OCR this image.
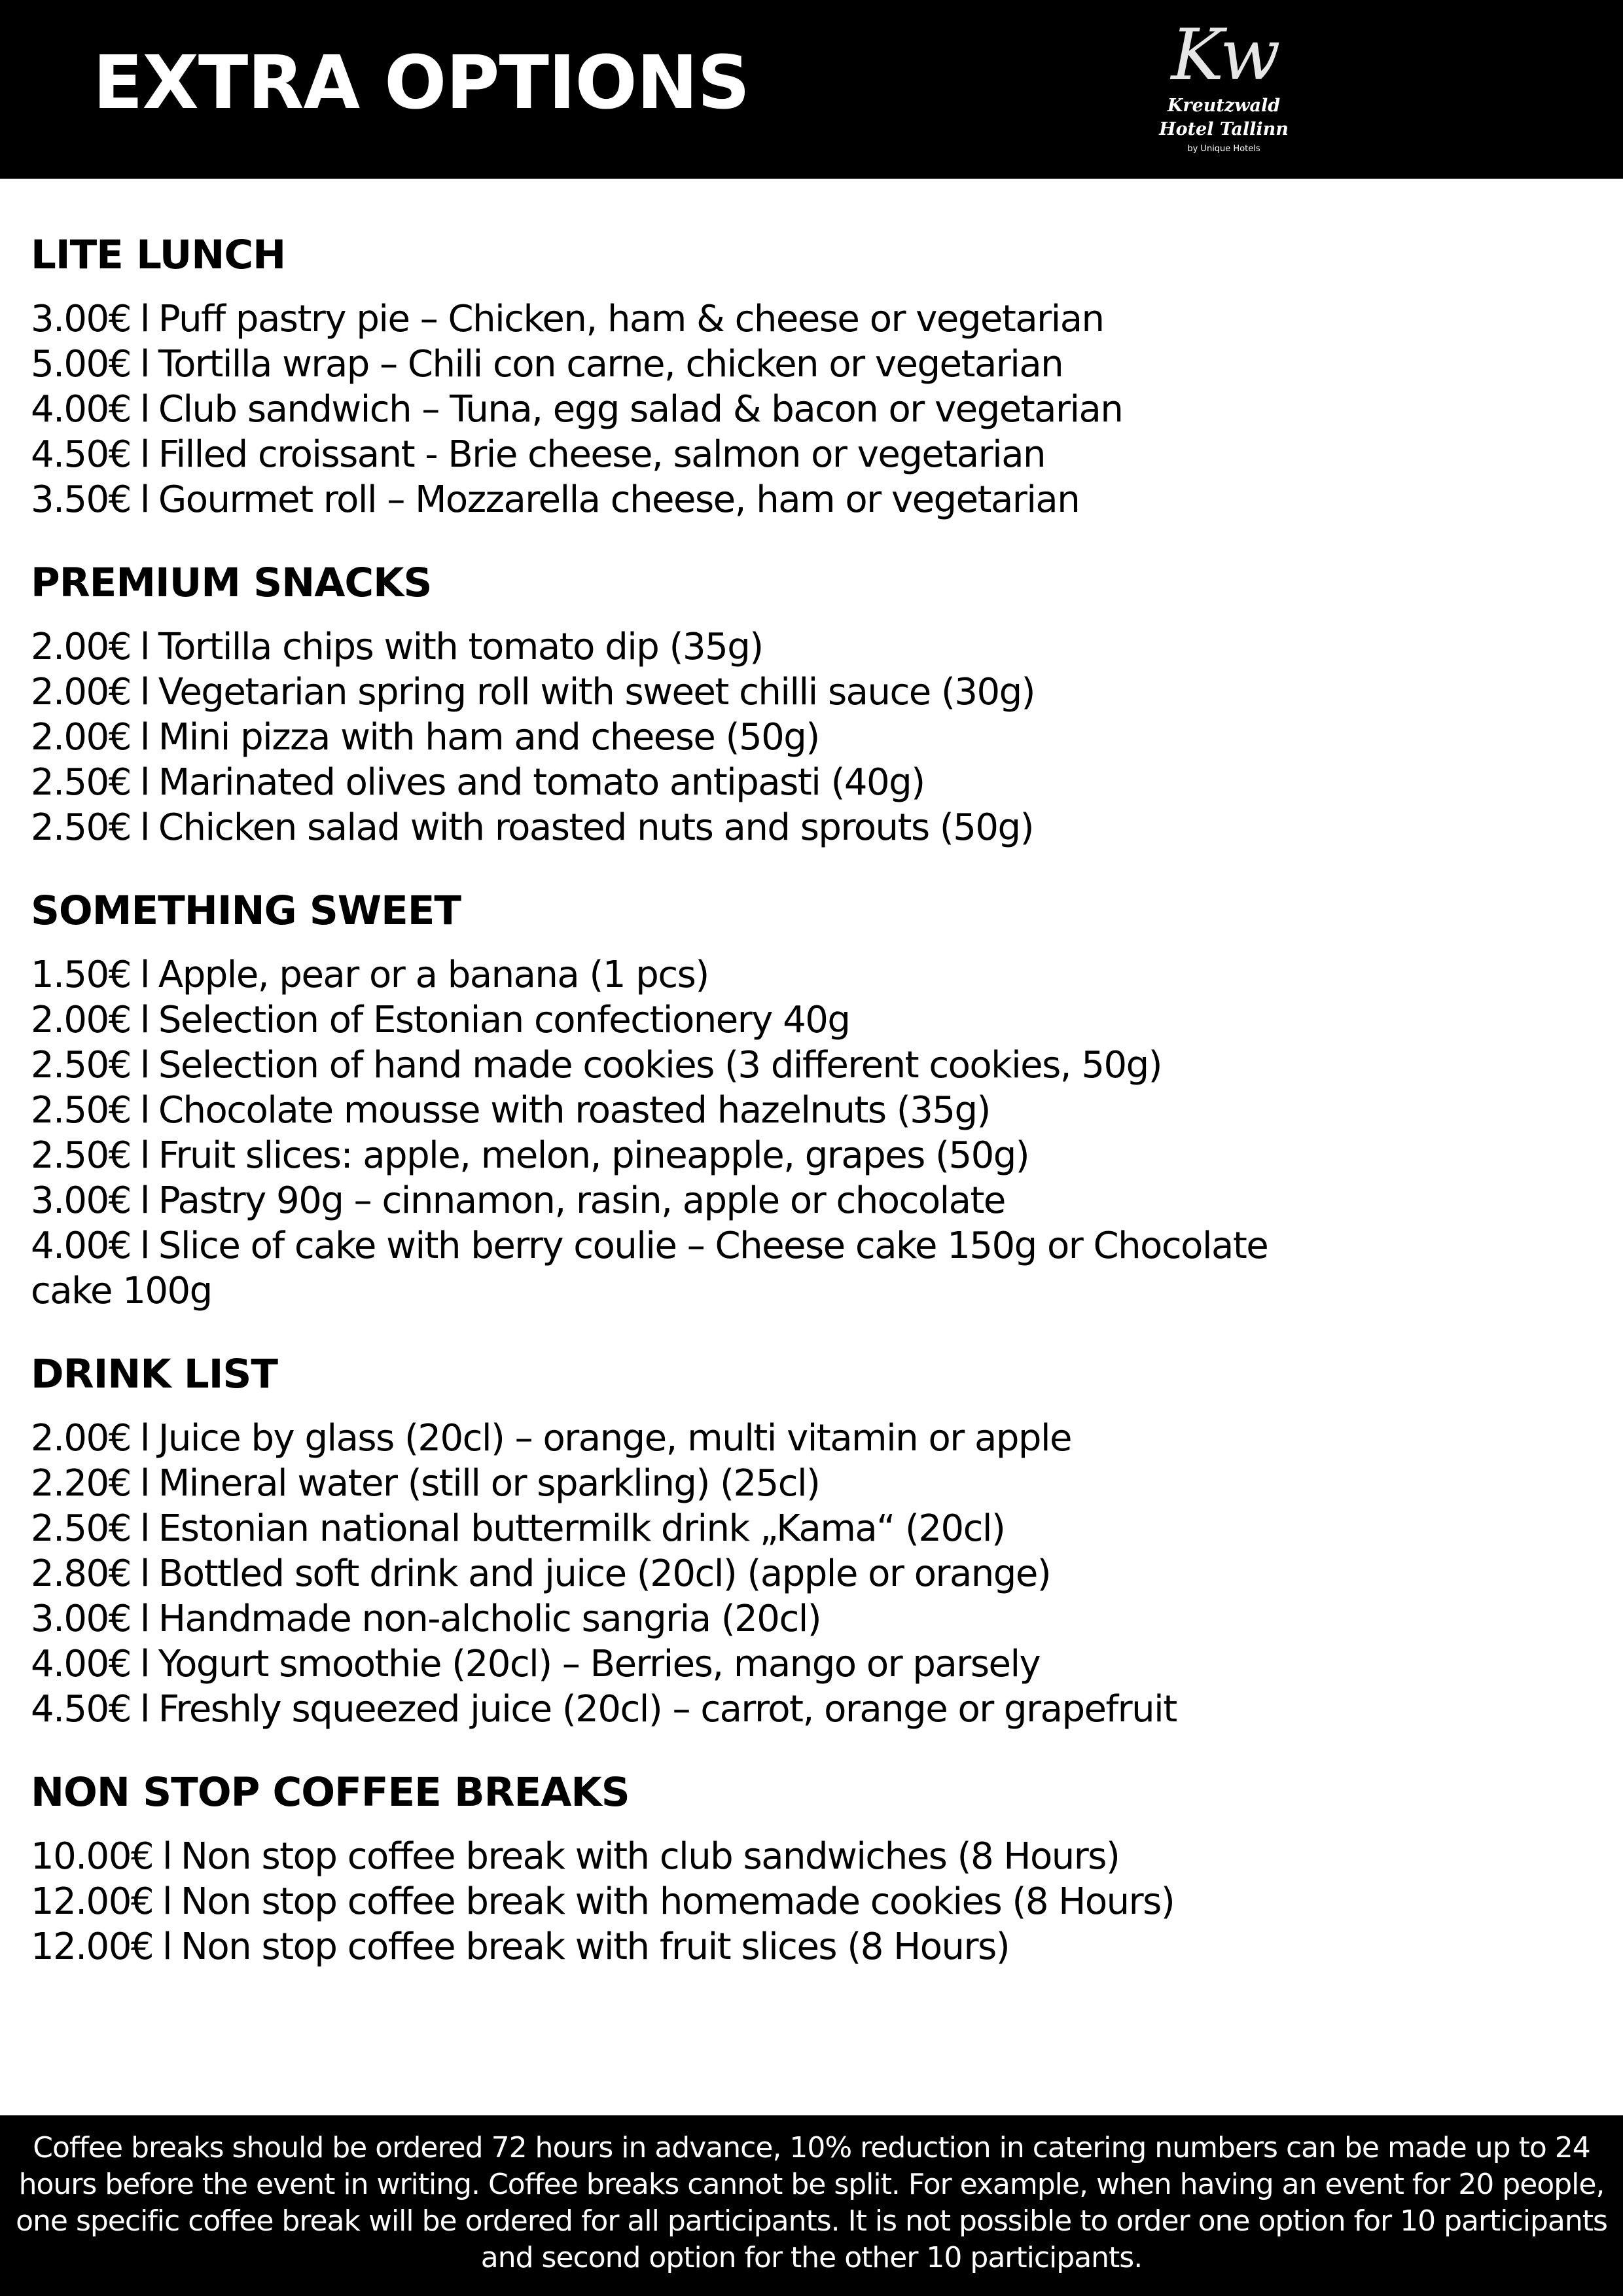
EXTRA OPTIONS	Kw
Kreutzwald
Hotel Tallinn
by Unique Hotels
LITE LUNCH
3.00€ l Puff pastry pie – Chicken, ham & cheese or vegetarian
5.00€ l Tortilla wrap – Chili con carne, chicken or vegetarian
4.00€ l Club sandwich – Tuna, egg salad & bacon or vegetarian
4.50€ l Filled croissant - Brie cheese, salmon or vegetarian
3.50€ l Gourmet roll – Mozzarella cheese, ham or vegetarian
PREMIUM SNACKS
2.00€ l Tortilla chips with tomato dip (35g)
2.00€ l Vegetarian spring roll with sweet chilli sauce (30g)
2.00€ l Mini pizza with ham and cheese (50g)
2.50€ l Marinated olives and tomato antipasti (40g)
2.50€ l Chicken salad with roasted nuts and sprouts (50g)
SOMETHING SWEET
1.50€ l Apple, pear or a banana (1 pcs)
2.00€ l Selection of Estonian confectionery 40g
2.50€ l Selection of hand made cookies (3 different cookies, 50g)
2.50€ l Chocolate mousse with roasted hazelnuts (35g)
2.50€ l Fruit slices: apple, melon, pineapple, grapes (50g)
3.00€ l Pastry 90g – cinnamon, rasin, apple or chocolate
4.00€ l Slice of cake with berry coulie – Cheese cake 150g or Chocolate cake 100g
DRINK LIST
2.00€ l Juice by glass (20cl) – orange, multi vitamin or apple
2.20€ l Mineral water (still or sparkling) (25cl)
2.50€ l Estonian national buttermilk drink „Kama“ (20cl)
2.80€ l Bottled soft drink and juice (20cl) (apple or orange)
3.00€ l Handmade non-alcholic sangria (20cl)
4.00€ l Yogurt smoothie (20cl) – Berries, mango or parsely
4.50€ l Freshly squeezed juice (20cl) – carrot, orange or grapefruit
NON STOP COFFEE BREAKS
10.00€ l Non stop coffee break with club sandwiches (8 Hours)
12.00€ l Non stop coffee break with homemade cookies (8 Hours)
12.00€ l Non stop coffee break with fruit slices (8 Hours)

Coffee breaks should be ordered 72 hours in advance, 10% reduction in catering numbers can be made up to 24 hours before the event in writing. Coffee breaks cannot be split. For example, when having an event for 20 people, one specific coffee break will be ordered for all participants. It is not possible to order one option for 10 participants and second option for the other 10 participants.
